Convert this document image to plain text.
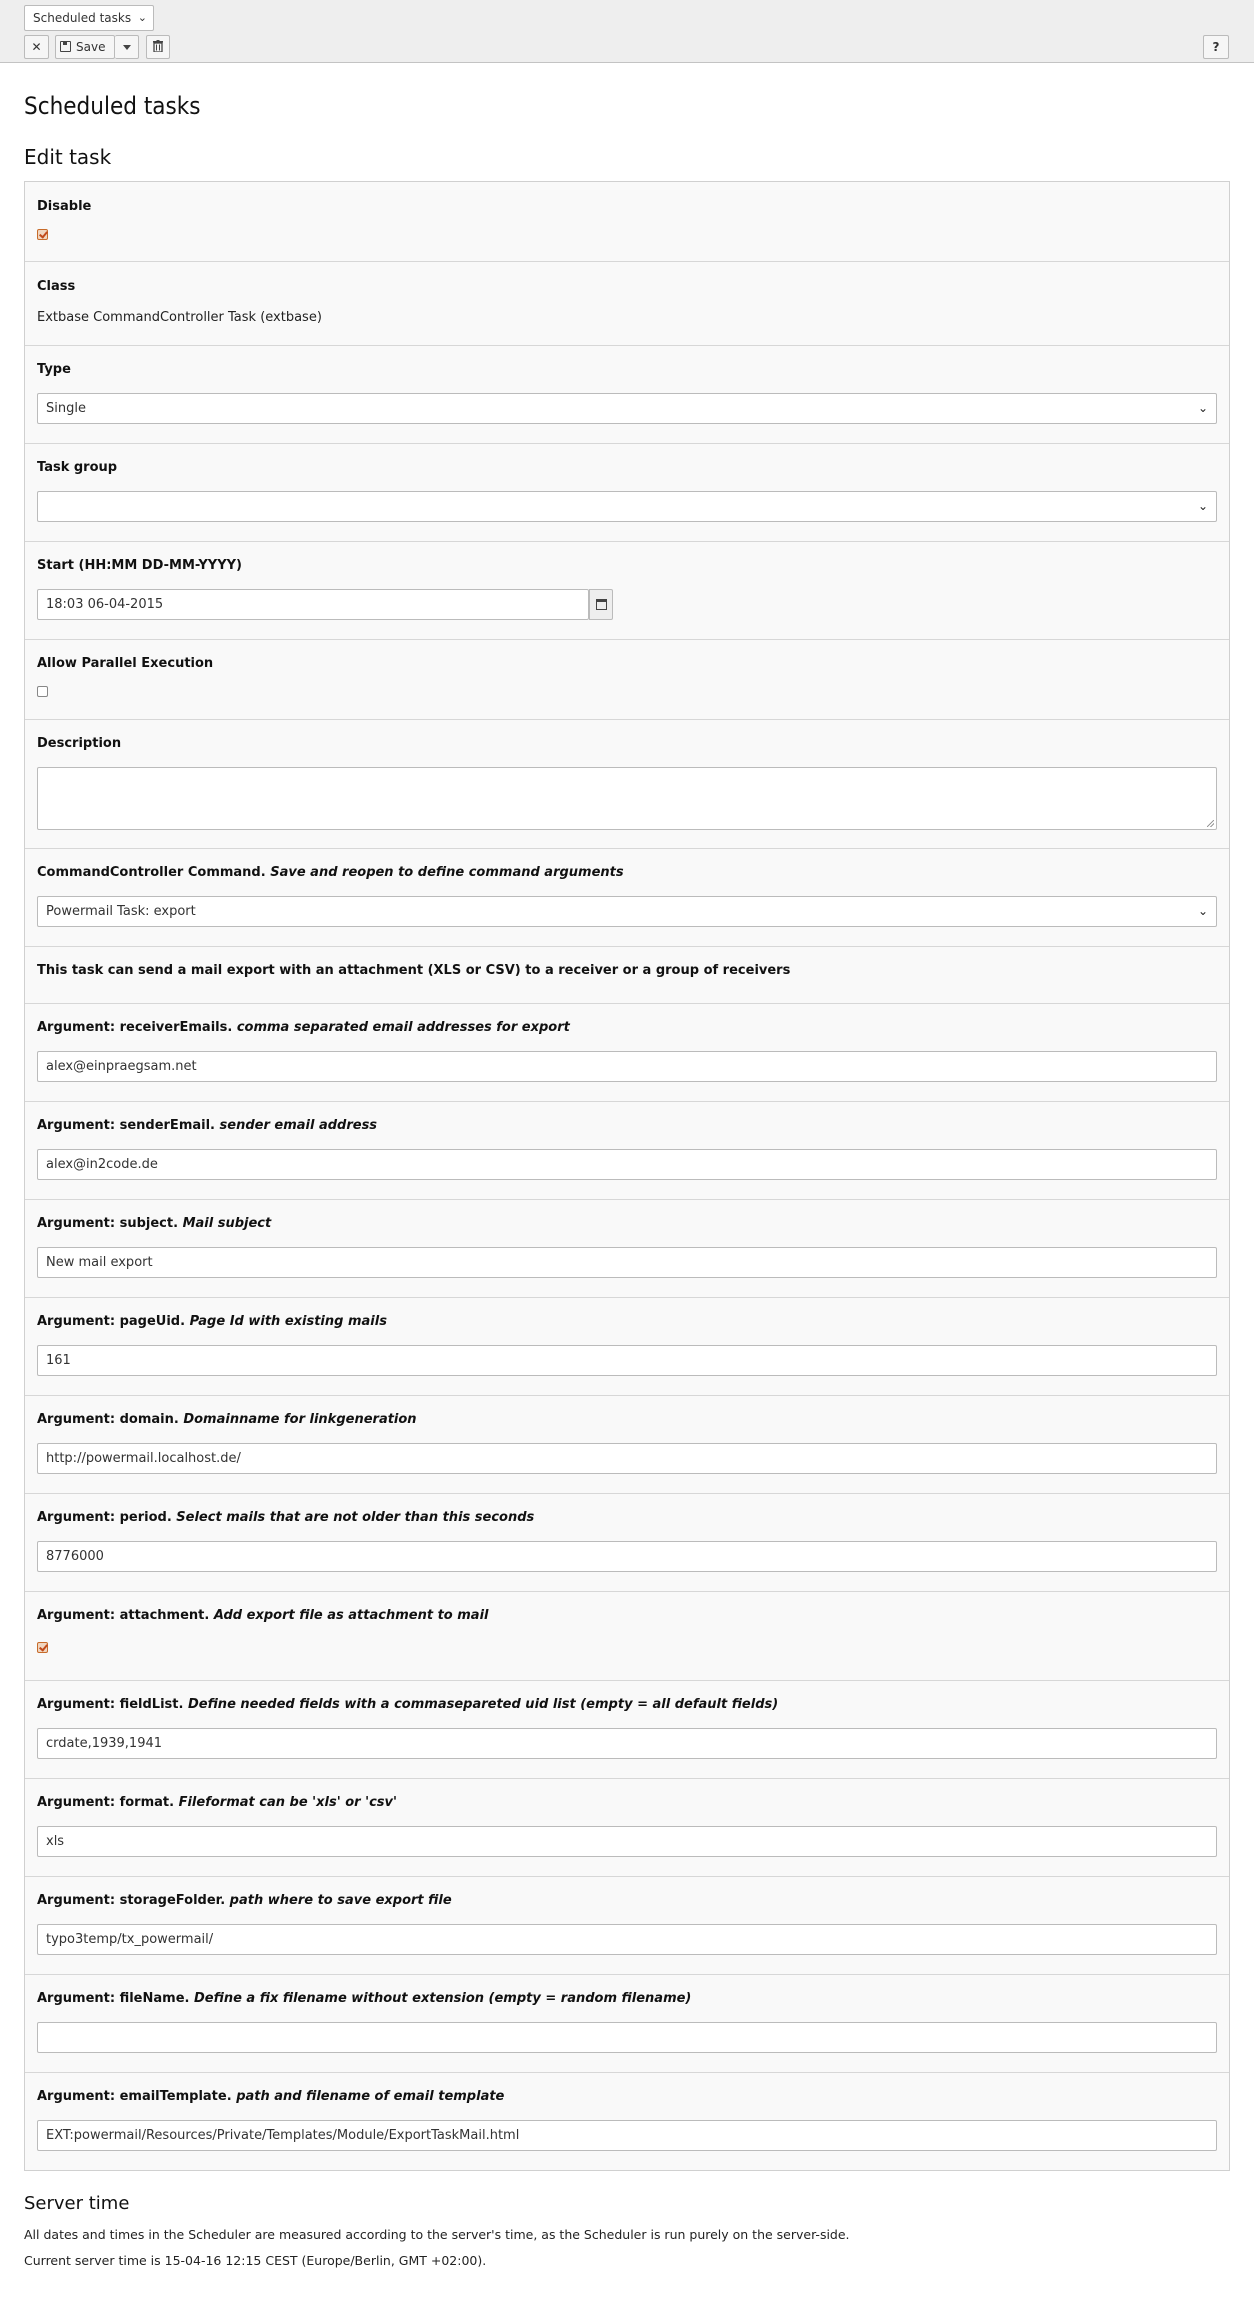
Scheduled tasks ⌄
✕	Save	?
Scheduled tasks
Edit task
Disable
Class
Extbase CommandController Task (extbase)
Type
Single	⌄
Task group
⌄
Start (HH:MM DD-MM-YYYY)
18:03 06-04-2015
Allow Parallel Execution
Description
CommandController Command. Save and reopen to define command arguments
Powermail Task: export	⌄
This task can send a mail export with an attachment (XLS or CSV) to a receiver or a group of receivers
Argument: receiverEmails. comma separated email addresses for export
alex@einpraegsam.net
Argument: senderEmail. sender email address
alex@in2code.de
Argument: subject. Mail subject
New mail export
Argument: pageUid. Page Id with existing mails
161
Argument: domain. Domainname for linkgeneration
http://powermail.localhost.de/
Argument: period. Select mails that are not older than this seconds
8776000
Argument: attachment. Add export file as attachment to mail
Argument: fieldList. Define needed fields with a commasepareted uid list (empty = all default fields)
crdate,1939,1941
Argument: format. Fileformat can be 'xls' or 'csv'
xls
Argument: storageFolder. path where to save export file
typo3temp/tx_powermail/
Argument: fileName. Define a fix filename without extension (empty = random filename)
Argument: emailTemplate. path and filename of email template
EXT:powermail/Resources/Private/Templates/Module/ExportTaskMail.html
Server time

All dates and times in the Scheduler are measured according to the server's time, as the Scheduler is run purely on the server-side.

Current server time is 15-04-16 12:15 CEST (Europe/Berlin, GMT +02:00).
